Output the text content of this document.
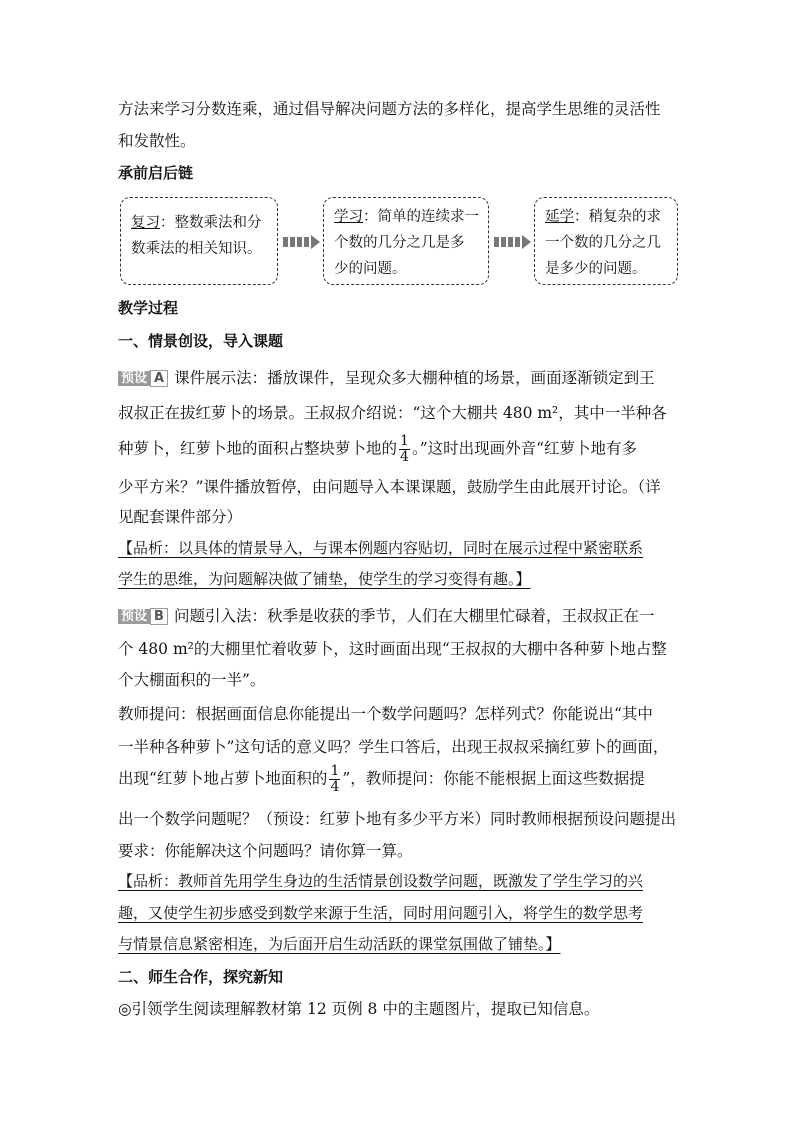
方法来学习分数连乘，通过倡导解决问题方法的多样化，提高学生思维的灵活性
和发散性。
承前启后链
复习：整数乘法和分
数乘法的相关知识。
学习：简单的连续求一
个数的几分之几是多
少的问题。
延学：稍复杂的求
一个数的几分之几
是多少的问题。
教学过程
一、情景创设，导入课题
预设 A 课件展示法：播放课件，呈现众多大棚种植的场景，画面逐渐锁定到王
叔叔正在拔红萝卜的场景。王叔叔介绍说：“这个大棚共 480 m²，其中一半种各
种萝卜，红萝卜地的面积占整块萝卜地的 $\frac{1}{4}$ 。”这时出现画外音“红萝卜地有多
少平方米？”课件播放暂停，由问题导入本课课题，鼓励学生由此展开讨论。（详
见配套课件部分）
【品析：以具体的情景导入，与课本例题内容贴切，同时在展示过程中紧密联系
学生的思维，为问题解决做了铺垫，使学生的学习变得有趣。】
预设 B 问题引入法：秋季是收获的季节，人们在大棚里忙碌着，王叔叔正在一
个 480 m²的大棚里忙着收萝卜，这时画面出现“王叔叔的大棚中各种萝卜地占整
个大棚面积的一半”。
教师提问：根据画面信息你能提出一个数学问题吗？怎样列式？你能说出“其中
一半种各种萝卜”这句话的意义吗？学生口答后，出现王叔叔采摘红萝卜的画面，
出现“红萝卜地占萝卜地面积的 $\frac{1}{4}$ ”，教师提问：你能不能根据上面这些数据提
出一个数学问题呢？（预设：红萝卜地有多少平方米）同时教师根据预设问题提出
要求：你能解决这个问题吗？请你算一算。
【品析：教师首先用学生身边的生活情景创设数学问题，既激发了学生学习的兴
趣，又使学生初步感受到数学来源于生活，同时用问题引入，将学生的数学思考
与情景信息紧密相连，为后面开启生动活跃的课堂氛围做了铺垫。】
二、师生合作，探究新知
◎引领学生阅读理解教材第 12 页例 8 中的主题图片，提取已知信息。
